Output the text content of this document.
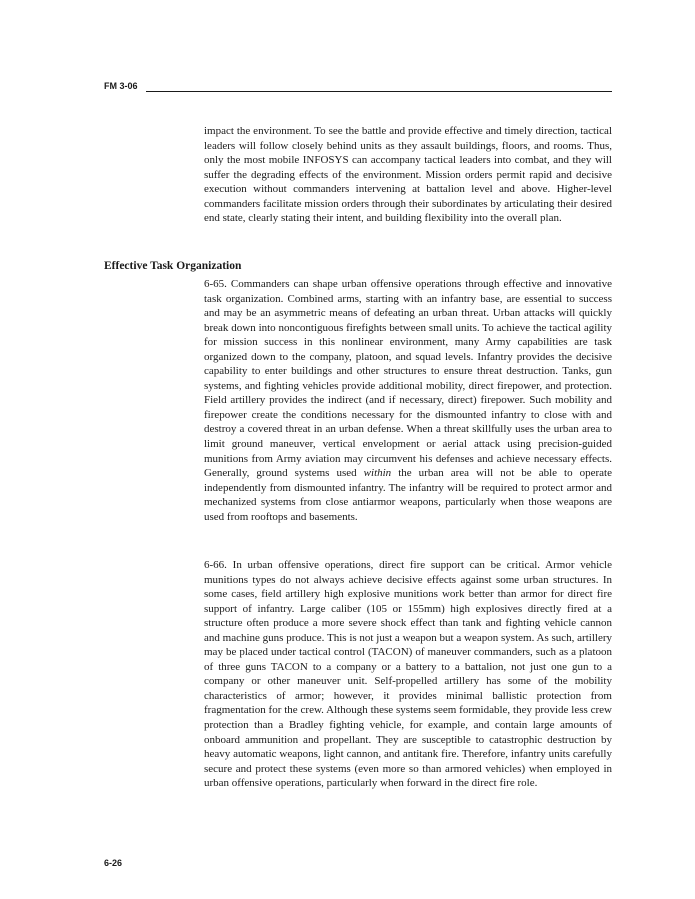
FM 3-06

impact the environment. To see the battle and provide effective and timely direction, tactical leaders will follow closely behind units as they assault buildings, floors, and rooms. Thus, only the most mobile INFOSYS can accompany tactical leaders into combat, and they will suffer the degrading effects of the environment. Mission orders permit rapid and decisive execution without commanders intervening at battalion level and above. Higher-level commanders facilitate mission orders through their subordinates by articulating their desired end state, clearly stating their intent, and building flexibility into the overall plan.

Effective Task Organization

6-65. Commanders can shape urban offensive operations through effective and innovative task organization. Combined arms, starting with an infantry base, are essential to success and may be an asymmetric means of defeating an urban threat. Urban attacks will quickly break down into noncontiguous firefights between small units. To achieve the tactical agility for mission success in this nonlinear environment, many Army capabilities are task organized down to the company, platoon, and squad levels. Infantry provides the decisive capability to enter buildings and other structures to ensure threat destruction. Tanks, gun systems, and fighting vehicles provide additional mobility, direct firepower, and protection. Field artillery provides the indirect (and if necessary, direct) firepower. Such mobility and firepower create the conditions necessary for the dismounted infantry to close with and destroy a covered threat in an urban defense. When a threat skillfully uses the urban area to limit ground maneuver, vertical envelopment or aerial attack using precision-guided munitions from Army aviation may circumvent his defenses and achieve necessary effects. Generally, ground systems used within the urban area will not be able to operate independently from dismounted infantry. The infantry will be required to protect armor and mechanized systems from close antiarmor weapons, particularly when those weapons are used from rooftops and basements.

6-66. In urban offensive operations, direct fire support can be critical. Armor vehicle munitions types do not always achieve decisive effects against some urban structures. In some cases, field artillery high explosive munitions work better than armor for direct fire support of infantry. Large caliber (105 or 155mm) high explosives directly fired at a structure often produce a more severe shock effect than tank and fighting vehicle cannon and machine guns produce. This is not just a weapon but a weapon system. As such, artillery may be placed under tactical control (TACON) of maneuver commanders, such as a platoon of three guns TACON to a company or a battery to a battalion, not just one gun to a company or other maneuver unit. Self-propelled artillery has some of the mobility characteristics of armor; however, it provides minimal ballistic protection from fragmentation for the crew. Although these systems seem formidable, they provide less crew protection than a Bradley fighting vehicle, for example, and contain large amounts of onboard ammunition and propellant. They are susceptible to catastrophic destruction by heavy automatic weapons, light cannon, and antitank fire. Therefore, infantry units carefully secure and protect these systems (even more so than armored vehicles) when employed in urban offensive operations, particularly when forward in the direct fire role.

6-26
